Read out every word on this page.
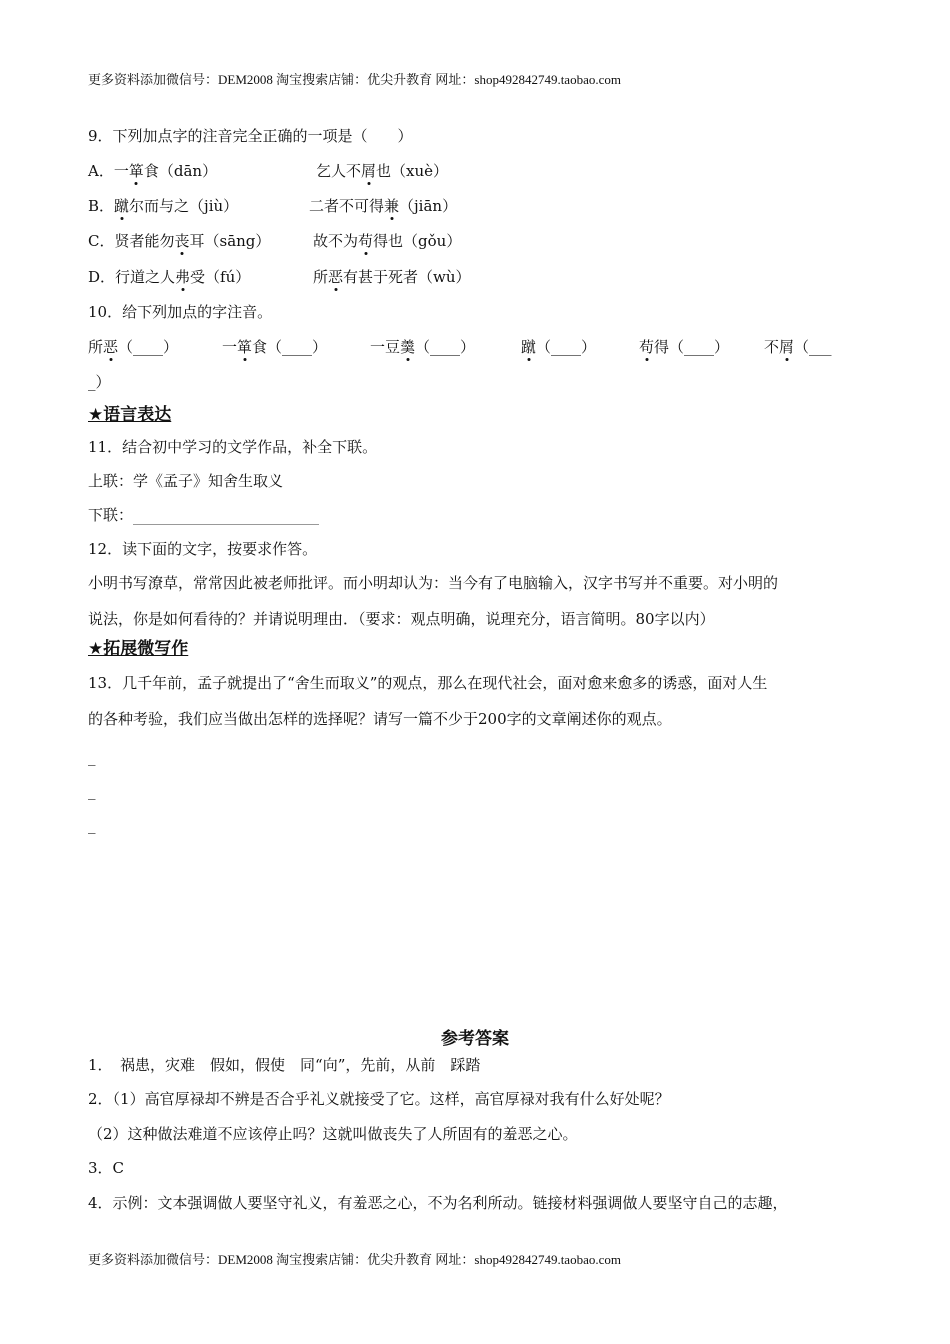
更多资料添加微信号：DEM2008 淘宝搜索店铺：优尖升教育 网址：shop492842749.taobao.com
9．下列加点字的注音完全正确的一项是（　　）
A．一箪食（dān）	乞人不屑也（xuè）
B．蹴尔而与之（jiù）	二者不可得兼（jiān）
C．贤者能勿丧耳（sāng）	故不为苟得也（gǒu）
D．行道之人弗受（fú）	所恶有甚于死者（wù）
10．给下列加点的字注音。
所恶（____）	一箪食（____）	一豆羹（____）	蹴（____）	苟得（____） 不屑（___
_）
★语言表达
11．结合初中学习的文学作品，补全下联。
上联：学《孟子》知舍生取义
下联：
12．读下面的文字，按要求作答。
小明书写潦草，常常因此被老师批评。而小明却认为：当今有了电脑输入，汉字书写并不重要。对小明的
说法，你是如何看待的？并请说明理由．（要求：观点明确，说理充分，语言简明。80字以内）
★拓展微写作
13．几千年前，孟子就提出了“舍生而取义”的观点，那么在现代社会，面对愈来愈多的诱惑，面对人生
的各种考验，我们应当做出怎样的选择呢？请写一篇不少于200字的文章阐述你的观点。
_
_
_
参考答案
1．　祸患，灾难　假如，假使　同“向”，先前，从前　踩踏
2．（1）高官厚禄却不辨是否合乎礼义就接受了它。这样，高官厚禄对我有什么好处呢？
（2）这种做法难道不应该停止吗？这就叫做丧失了人所固有的羞恶之心。
3．C
4．示例：文本强调做人要坚守礼义，有羞恶之心，不为名利所动。链接材料强调做人要坚守自己的志趣，
更多资料添加微信号：DEM2008 淘宝搜索店铺：优尖升教育 网址：shop492842749.taobao.com
